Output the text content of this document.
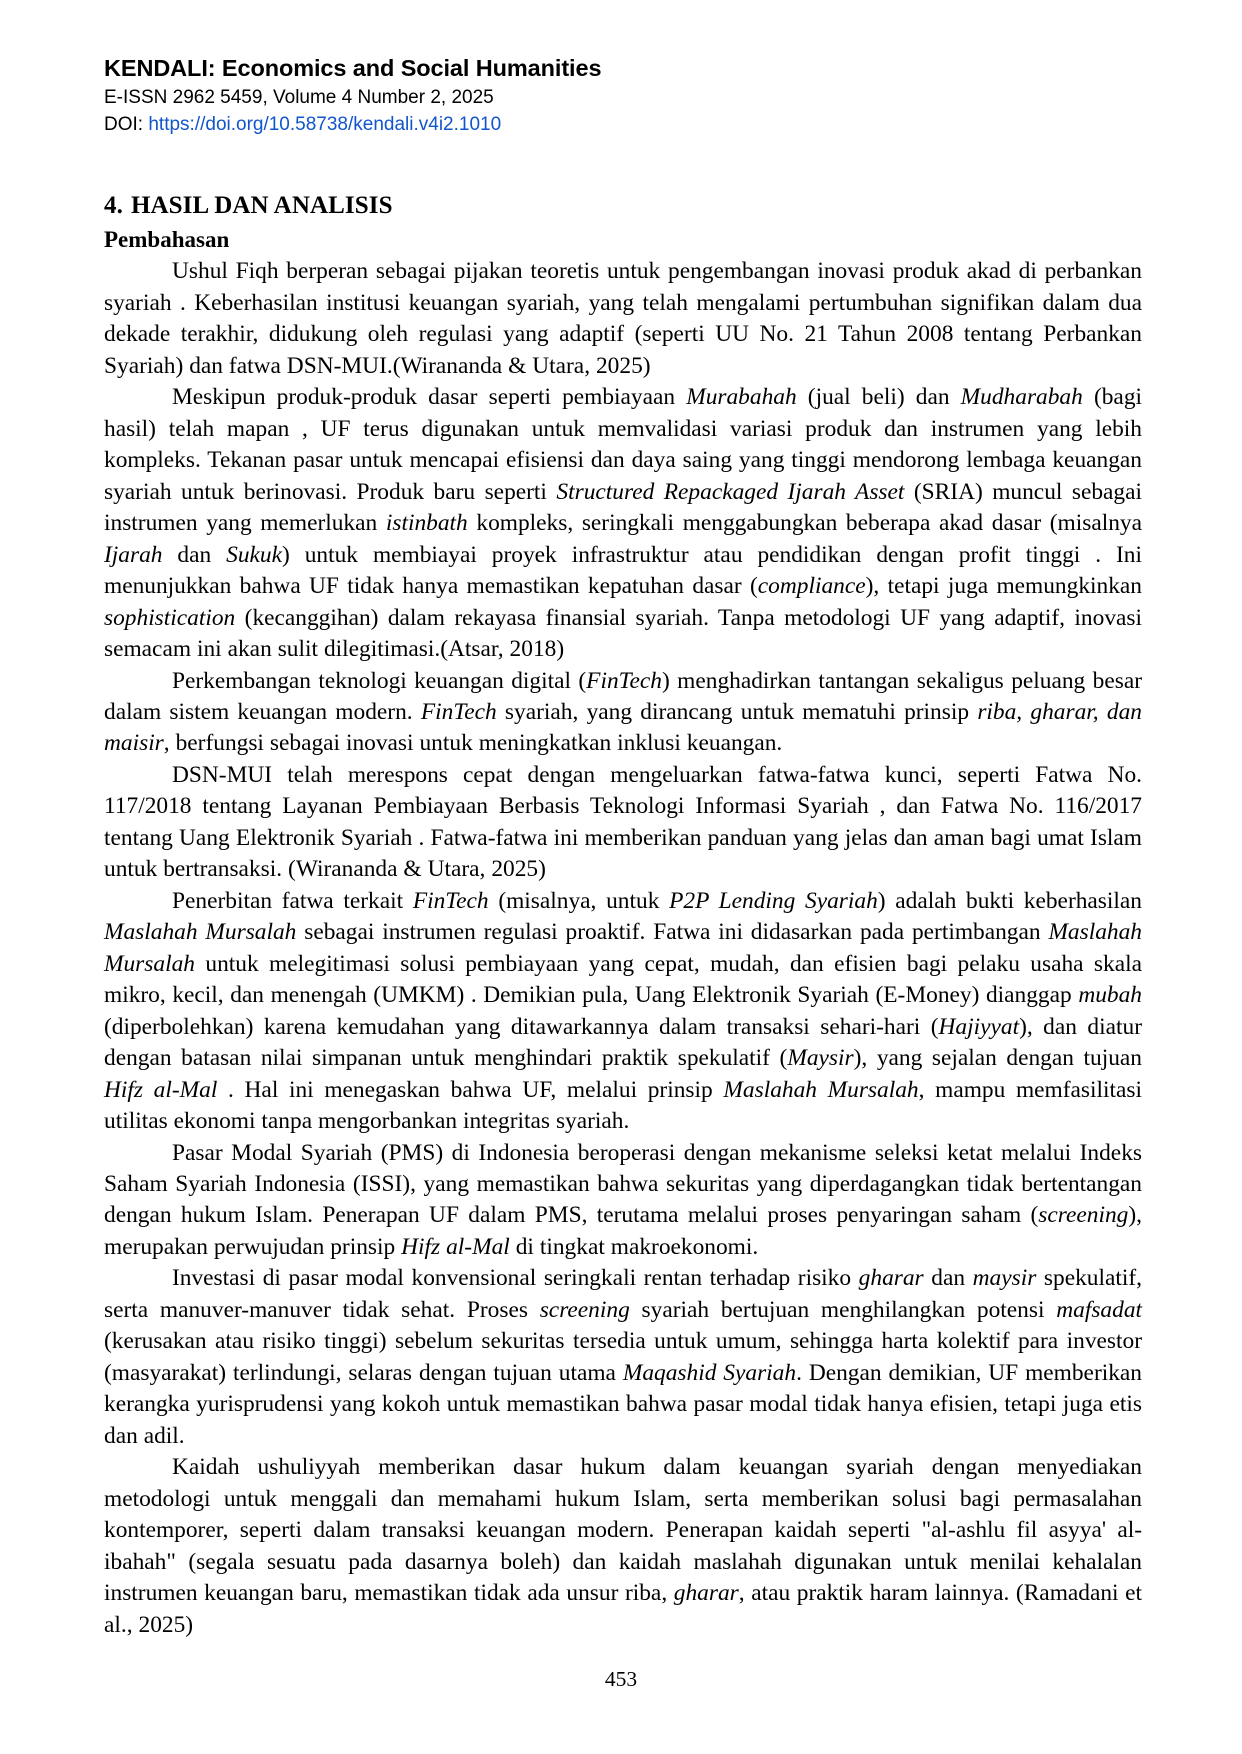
KENDALI: Economics and Social Humanities
E-ISSN 2962 5459, Volume 4 Number 2, 2025
DOI: https://doi.org/10.58738/kendali.v4i2.1010
4. HASIL DAN ANALISIS
Pembahasan

Ushul Fiqh berperan sebagai pijakan teoretis untuk pengembangan inovasi produk akad di perbankan syariah . Keberhasilan institusi keuangan syariah, yang telah mengalami pertumbuhan signifikan dalam dua dekade terakhir, didukung oleh regulasi yang adaptif (seperti UU No. 21 Tahun 2008 tentang Perbankan Syariah) dan fatwa DSN-MUI.(Wirananda & Utara, 2025)

Meskipun produk-produk dasar seperti pembiayaan Murabahah (jual beli) dan Mudharabah (bagi hasil) telah mapan , UF terus digunakan untuk memvalidasi variasi produk dan instrumen yang lebih kompleks. Tekanan pasar untuk mencapai efisiensi dan daya saing yang tinggi mendorong lembaga keuangan syariah untuk berinovasi. Produk baru seperti Structured Repackaged Ijarah Asset (SRIA) muncul sebagai instrumen yang memerlukan istinbath kompleks, seringkali menggabungkan beberapa akad dasar (misalnya Ijarah dan Sukuk) untuk membiayai proyek infrastruktur atau pendidikan dengan profit tinggi . Ini menunjukkan bahwa UF tidak hanya memastikan kepatuhan dasar (compliance), tetapi juga memungkinkan sophistication (kecanggihan) dalam rekayasa finansial syariah. Tanpa metodologi UF yang adaptif, inovasi semacam ini akan sulit dilegitimasi.(Atsar, 2018)

Perkembangan teknologi keuangan digital (FinTech) menghadirkan tantangan sekaligus peluang besar dalam sistem keuangan modern. FinTech syariah, yang dirancang untuk mematuhi prinsip riba, gharar, dan maisir, berfungsi sebagai inovasi untuk meningkatkan inklusi keuangan.

DSN-MUI telah merespons cepat dengan mengeluarkan fatwa-fatwa kunci, seperti Fatwa No. 117/2018 tentang Layanan Pembiayaan Berbasis Teknologi Informasi Syariah , dan Fatwa No. 116/2017 tentang Uang Elektronik Syariah . Fatwa-fatwa ini memberikan panduan yang jelas dan aman bagi umat Islam untuk bertransaksi. (Wirananda & Utara, 2025)

Penerbitan fatwa terkait FinTech (misalnya, untuk P2P Lending Syariah) adalah bukti keberhasilan Maslahah Mursalah sebagai instrumen regulasi proaktif. Fatwa ini didasarkan pada pertimbangan Maslahah Mursalah untuk melegitimasi solusi pembiayaan yang cepat, mudah, dan efisien bagi pelaku usaha skala mikro, kecil, dan menengah (UMKM) . Demikian pula, Uang Elektronik Syariah (E-Money) dianggap mubah (diperbolehkan) karena kemudahan yang ditawarkannya dalam transaksi sehari-hari (Hajiyyat), dan diatur dengan batasan nilai simpanan untuk menghindari praktik spekulatif (Maysir), yang sejalan dengan tujuan Hifz al-Mal . Hal ini menegaskan bahwa UF, melalui prinsip Maslahah Mursalah, mampu memfasilitasi utilitas ekonomi tanpa mengorbankan integritas syariah.

Pasar Modal Syariah (PMS) di Indonesia beroperasi dengan mekanisme seleksi ketat melalui Indeks Saham Syariah Indonesia (ISSI), yang memastikan bahwa sekuritas yang diperdagangkan tidak bertentangan dengan hukum Islam. Penerapan UF dalam PMS, terutama melalui proses penyaringan saham (screening), merupakan perwujudan prinsip Hifz al-Mal di tingkat makroekonomi.

Investasi di pasar modal konvensional seringkali rentan terhadap risiko gharar dan maysir spekulatif, serta manuver-manuver tidak sehat. Proses screening syariah bertujuan menghilangkan potensi mafsadat (kerusakan atau risiko tinggi) sebelum sekuritas tersedia untuk umum, sehingga harta kolektif para investor (masyarakat) terlindungi, selaras dengan tujuan utama Maqashid Syariah. Dengan demikian, UF memberikan kerangka yurisprudensi yang kokoh untuk memastikan bahwa pasar modal tidak hanya efisien, tetapi juga etis dan adil.

Kaidah ushuliyyah memberikan dasar hukum dalam keuangan syariah dengan menyediakan metodologi untuk menggali dan memahami hukum Islam, serta memberikan solusi bagi permasalahan kontemporer, seperti dalam transaksi keuangan modern. Penerapan kaidah seperti "al-ashlu fil asyya' al-ibahah" (segala sesuatu pada dasarnya boleh) dan kaidah maslahah digunakan untuk menilai kehalalan instrumen keuangan baru, memastikan tidak ada unsur riba, gharar, atau praktik haram lainnya. (Ramadani et al., 2025)

453
